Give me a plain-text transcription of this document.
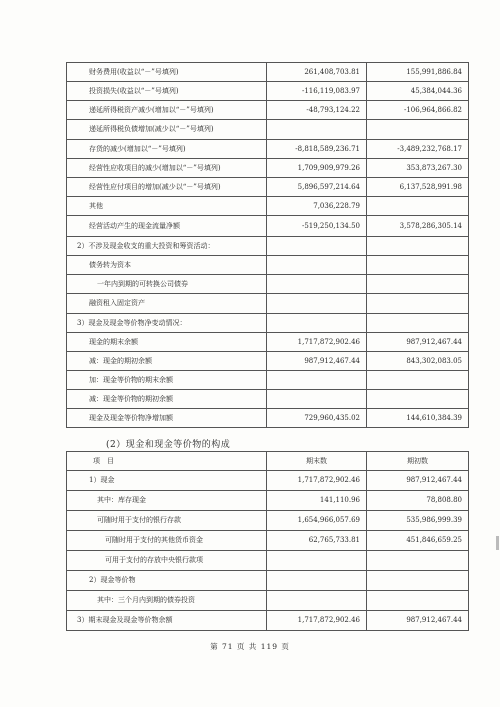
财务费用(收益以“－”号填列)	261,408,703.81	155,991,886.84
投资损失(收益以“－”号填列)	-116,119,083.97	45,384,044.36
递延所得税资产减少(增加以“－”号填列)	-48,793,124.22	-106,964,866.82
递延所得税负债增加(减少以“－”号填列)		
存货的减少(增加以“－”号填列)	-8,818,589,236.71	-3,489,232,768.17
经营性应收项目的减少(增加以“－”号填列)	1,709,909,979.26	353,873,267.30
经营性应付项目的增加(减少以“－”号填列)	5,896,597,214.64	6,137,528,991.98
其他	7,036,228.79	
经营活动产生的现金流量净额	-519,250,134.50	3,578,286,305.14
2）不涉及现金收支的重大投资和筹资活动：		
债务转为资本		
一年内到期的可转换公司债券		
融资租入固定资产		
3）现金及现金等价物净变动情况：		
现金的期末余额	1,717,872,902.46	987,912,467.44
减：现金的期初余额	987,912,467.44	843,302,083.05
加：现金等价物的期末余额		
减：现金等价物的期初余额		
现金及现金等价物净增加额	729,960,435.02	144,610,384.39
(2）现金和现金等价物的构成
项　目	期末数	期初数
1）现金	1,717,872,902.46	987,912,467.44
其中：库存现金	141,110.96	78,808.80
可随时用于支付的银行存款	1,654,966,057.69	535,986,999.39
可随时用于支付的其他货币资金	62,765,733.81	451,846,659.25
可用于支付的存放中央银行款项		
2）现金等价物		
其中：三个月内到期的债券投资		
3）期末现金及现金等价物余额	1,717,872,902.46	987,912,467.44
第 71 页 共 119 页
